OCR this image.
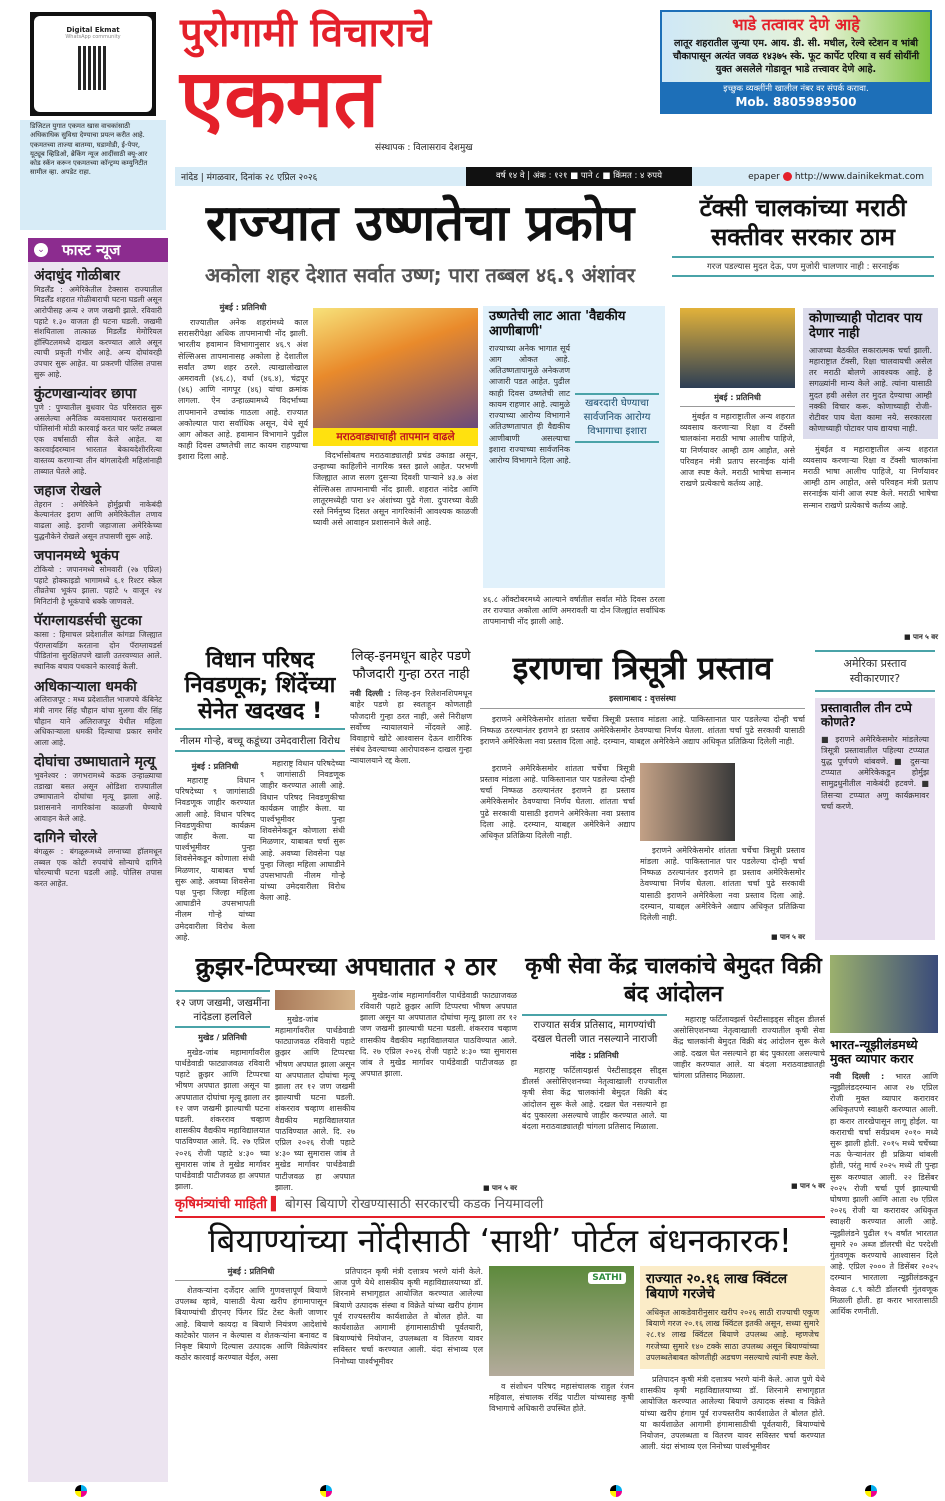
Digital Ekmat
WhatsApp community
डिजिटल युगात एकमत खास वाचकांसाठी अधिकाधिक सुविधा देण्याचा प्रयत्न करीत आहे. एकमतच्या ताज्या बातम्या, घडामोडी, ई-पेपर, यूट्यूब व्हिडिओ, ब्रेकिंग न्यूज आदींसाठी क्यू-आर कोड स्कॅन करून एकमतच्या कॉन्ट्रम्‍य कम्युनिटीत सामील व्हा. अपडेट राहा.
⌄ फास्ट न्यूज
अंदाधुंद गोळीबार
मिडलँड : अमेरिकेतील टेक्सास राज्यातील मिडलँड शहरात गोळीबाराची घटना घडली असून आरोपीसह अन्य २ जण जखमी झाले. रविवारी पहाटे १.३० वाजता ही घटना घडली. जखमी संशयिताला तात्काळ मिडलँड मेमोरियल हॉस्पिटलमध्ये दाखल करण्यात आले असून त्याची प्रकृती गंभीर आहे. अन्य दोघांवरही उपचार सुरू आहेत. या प्रकरणी पोलिस तपास सुरू आहे.
कुंटणखान्यांवर छापा
पुणे : पुण्यातील बुधवार पेठ परिसरात सुरू असलेल्या अनैतिक व्यवसायावर फरासखाना पोलिसांनी मोठी कारवाई करत चार फ्लॅट तब्बल एक वर्षासाठी सील केले आहेत. या कारवाईदरम्यान भारतात बेकायदेशीररित्या वास्तव्य करणाऱ्या तीन बांगलादेशी महिलांनाही ताब्यात घेतले आहे.
जहाज रोखले
तेहरान : अमेरिकेने होर्मुझची नाकेबंदी केल्यानंतर इराण आणि अमेरिकेतील तणाव वाढला आहे. इराणी जहाजाला अमेरिकेच्या युद्धनौकेने रोखले असून तपासणी सुरू आहे.
जपानमध्ये भूकंप
टोकियो : जपानमध्ये सोमवारी (२७ एप्रिल) पहाटे होक्काइडो भागामध्ये ६.१ रिश्टर स्केल तीव्रतेचा भूकंप झाला. पहाटे ५ वाजून २४ मिनिटांनी हे भूकंपाचे धक्के जाणवले.
पॅराग्लायडर्सची सुटका
कासा : हिमाचल प्रदेशातील कांगडा जिल्ह्यात पॅराग्लायडिंग करताना दोन पॅराग्लायडर्स पीडितांना सुरक्षितपणे खाली उतरवण्यात आले. स्थानिक बचाव पथकाने कारवाई केली.
अधिकाऱ्याला धमकी
अलिराजपूर : मध्य प्रदेशातील भाजपचे कॅबिनेट मंत्री नागर सिंह चौहान यांचा मुलगा वीर सिंह चौहान याने अलिराजपूर येथील महिला अधिकाऱ्याला धमकी दिल्याचा प्रकार समोर आला आहे.
दोघांचा उष्माघाताने मृत्यू
भुवनेश्वर : जगभरामध्ये कडक उन्हाळ्याचा तडाखा बसत असून ओडिशा राज्यातील उष्माघाताने दोघांचा मृत्यू झाला आहे. प्रशासनाने नागरिकांना काळजी घेण्याचे आवाहन केले आहे.
दागिने चोरले
बंगळूरू : बंगळूरूमध्ये लग्नाच्या हॉलमधून तब्बल एक कोटी रुपयांचे सोन्याचे दागिने चोरल्याची घटना घडली आहे. पोलिस तपास करत आहेत.
पुरोगामी विचाराचे
एकमत
संस्थापक : विलासराव देशमुख
भाडे तत्वावर देणे आहे
लातूर शहरातील जुन्या एम. आय. डी. सी. मधील, रेल्वे स्टेशन व भांबी चौकापासून अत्यंत जवळ १४३७५ स्के. फूट कार्पेट एरिया व सर्व सोयींनी युक्त असलेले गोडावून भाडे तत्त्वावर देणे आहे.
इच्छुक व्यक्तींनी खालील नंबर वर संपर्क करावा.
Mob. 8805989500
नांदेड | मंगळवार, दिनांक २८ एप्रिल २०२६	वर्ष १४ वे | अंक : १२१ ■ पाने ८ ■ किंमत : ४ रुपये	epaper http://www.dainikekmat.com
राज्यात उष्णतेचा प्रकोप
अकोला शहर देशात सर्वात उष्ण; पारा तब्बल ४६.९ अंशांवर
मुंबई : प्रतिनिधी

राज्यातील अनेक शहरांमध्ये काल सरासरीपेक्षा अधिक तापमानाची नोंद झाली. भारतीय हवामान विभागानुसार ४६.९ अंश सेल्सिअस तापमानासह अकोला हे देशातील सर्वांत उष्ण शहर ठरले. त्याखालोखाल अमरावती (४६.८), वर्धा (४६.४), चंद्रपूर (४६) आणि नागपूर (४६) यांचा क्रमांक लागला. ऐन उन्हाळ्यामध्ये विदर्भाच्या तापमानाने उच्चांक गाठला आहे. राज्यात अकोल्यात पारा सर्वाधिक असून, येथे सूर्य आग ओकत आहे. हवामान विभागाने पुढील काही दिवस उष्णतेची लाट कायम राहण्याचा इशारा दिला आहे.

मराठवाड्याचाही तापमान वाढले

विदर्भासोबतच मराठवाड्यातही प्रचंड उकाडा असून, उन्हाच्या काहिलीने नागरिक त्रस्त झाले आहेत. परभणी जिल्ह्यात आज सलग दुसऱ्या दिवशी पाऱ्याने ४३.७ अंश सेल्सिअस तापमानाची नोंद झाली. शहरात नांदेड आणि लातूरमध्येही पारा ४२ अंशांच्या पुढे गेला. दुपारच्या वेळी रस्ते निर्मनुष्य दिसत असून नागरिकांनी आवश्यक काळजी घ्यावी असे आवाहन प्रशासनाने केले आहे.

उष्णतेची लाट आता 'वैद्यकीय आणीबाणी'
खबरदारी घेण्याचा सार्वजनिक आरोग्य विभागाचा इशारा
राज्याच्या अनेक भागात सूर्य आग ओकत आहे. अतिउष्णतापामुळे अनेकजण आजारी पडत आहेत. पुढील काही दिवस उष्णतेची लाट कायम राहणार आहे. त्यामुळे राज्याच्या आरोग्य विभागाने अतिउष्णतापात ही वैद्यकीय आणीबाणी असल्याचा इशारा राज्याच्या सार्वजनिक आरोग्य विभागाने दिला आहे.
४६.८ ऑक्टोबरमध्ये आल्याने वर्षातील सर्वात मोठे दिवस ठरला तर राज्यात अकोला आणि अमरावती या दोन जिल्ह्यांत सर्वाधिक तापमानाची नोंद झाली आहे.
टॅक्सी चालकांच्या मराठी सक्तीवर सरकार ठाम
गरज पडल्यास मुदत देऊ, पण मुजोरी चालणार नाही : सरनाईक
मुंबई : प्रतिनिधी

मुंबईत व महाराष्ट्रातील अन्य शहरात व्यवसाय करणाऱ्या रिक्षा व टॅक्सी चालकांना मराठी भाषा आलीच पाहिजे, या निर्णयावर आम्ही ठाम आहोत, असे परिवहन मंत्री प्रताप सरनाईक यांनी आज स्पष्ट केले. मराठी भाषेचा सन्मान राखणे प्रत्येकाचे कर्तव्य आहे.

कोणाच्याही पोटावर पाय देणार नाही
आजच्या बैठकीत सकारात्मक चर्चा झाली. महाराष्ट्रात टॅक्सी, रिक्षा चालवायची असेल तर मराठी बोलणे आवश्यक आहे. हे सगळ्यांनी मान्य केले आहे. त्यांना यासाठी मुदत हवी असेल तर मुदत देण्याचा आम्ही नक्की विचार करू. कोणाच्याही रोजी-रोटीवर पाय येता कामा नये. सरकारला कोणाच्याही पोटावर पाय द्यायचा नाही.

मुंबईत व महाराष्ट्रातील अन्य शहरात व्यवसाय करणाऱ्या रिक्षा व टॅक्सी चालकांना मराठी भाषा आलीच पाहिजे, या निर्णयावर आम्ही ठाम आहोत, असे परिवहन मंत्री प्रताप सरनाईक यांनी आज स्पष्ट केले. मराठी भाषेचा सन्मान राखणे प्रत्येकाचे कर्तव्य आहे.

■ पान ५ वर
विधान परिषद निवडणूक; शिंदेंच्या सेनेत खदखद !
नीलम गोऱ्हे, बच्चू कडूंच्या उमेदवारीला विरोध
मुंबई : प्रतिनिधी

महाराष्ट्र विधान परिषदेच्या ९ जागांसाठी निवडणूक जाहीर करण्यात आली आहे. विधान परिषद निवडणुकीचा कार्यक्रम जाहीर केला. या पार्श्वभूमीवर पुन्हा शिवसेनेकडून कोणाला संधी मिळणार, याबाबत चर्चा सुरू आहे. अवघ्या शिवसेना पक्ष पुन्हा जिल्हा महिला आघाडीने उपसभापती नीलम गोऱ्हे यांच्या उमेदवारीला विरोध केला आहे.

महाराष्ट्र विधान परिषदेच्या ९ जागांसाठी निवडणूक जाहीर करण्यात आली आहे. विधान परिषद निवडणुकीचा कार्यक्रम जाहीर केला. या पार्श्वभूमीवर पुन्हा शिवसेनेकडून कोणाला संधी मिळणार, याबाबत चर्चा सुरू आहे. अवघ्या शिवसेना पक्ष पुन्हा जिल्हा महिला आघाडीने उपसभापती नीलम गोऱ्हे यांच्या उमेदवारीला विरोध केला आहे.

लिव्ह-इनमधून बाहेर पडणे फौजदारी गुन्हा ठरत नाही
नवी दिल्ली : लिव्ह-इन रिलेशनशिपमधून बाहेर पडणे हा स्वतःहून कोणताही फौजदारी गुन्हा ठरत नाही, असे निरीक्षण सर्वोच्च न्यायालयाने नोंदवले आहे. विवाहाचे खोटे आश्वासन देऊन शारीरिक संबंध ठेवल्याच्या आरोपावरून दाखल गुन्हा न्यायालयाने रद्द केला.
इराणचा त्रिसूत्री प्रस्ताव
इस्लामाबाद : वृत्तसंस्था

इराणने अमेरिकेसमोर शांतता चर्चेचा त्रिसूत्री प्रस्ताव मांडला आहे. पाकिस्तानात पार पडलेल्या दोन्ही चर्चा निष्फळ ठरल्यानंतर इराणने हा प्रस्ताव अमेरिकेसमोर ठेवण्याचा निर्णय घेतला. शांतता चर्चा पुढे सरकावी यासाठी इराणने अमेरिकेला नवा प्रस्ताव दिला आहे. दरम्यान, याबद्दल अमेरिकेने अद्याप अधिकृत प्रतिक्रिया दिलेली नाही.

इराणने अमेरिकेसमोर शांतता चर्चेचा त्रिसूत्री प्रस्ताव मांडला आहे. पाकिस्तानात पार पडलेल्या दोन्ही चर्चा निष्फळ ठरल्यानंतर इराणने हा प्रस्ताव अमेरिकेसमोर ठेवण्याचा निर्णय घेतला. शांतता चर्चा पुढे सरकावी यासाठी इराणने अमेरिकेला नवा प्रस्ताव दिला आहे. दरम्यान, याबद्दल अमेरिकेने अद्याप अधिकृत प्रतिक्रिया दिलेली नाही.

इराणने अमेरिकेसमोर शांतता चर्चेचा त्रिसूत्री प्रस्ताव मांडला आहे. पाकिस्तानात पार पडलेल्या दोन्ही चर्चा निष्फळ ठरल्यानंतर इराणने हा प्रस्ताव अमेरिकेसमोर ठेवण्याचा निर्णय घेतला. शांतता चर्चा पुढे सरकावी यासाठी इराणने अमेरिकेला नवा प्रस्ताव दिला आहे. दरम्यान, याबद्दल अमेरिकेने अद्याप अधिकृत प्रतिक्रिया दिलेली नाही.

■ पान ५ वर
अमेरिका प्रस्ताव स्वीकारणार?
प्रस्तावातील तीन टप्पे कोणते?
■ इराणने अमेरिकेसमोर मांडलेल्या त्रिसूत्री प्रस्तावातील पहिल्या टप्प्यात युद्ध पूर्णपणे थांबवणे. ■ दुसऱ्या टप्प्यात अमेरिकेकडून होर्मुझ सामुद्रधुनीतील नाकेबंदी हटवणे. ■ तिसऱ्या टप्प्यात अणु कार्यक्रमावर चर्चा करणे.
क्रुझर-टिप्परच्या अपघातात २ ठार
१२ जण जखमी, जखमींना नांदेडला हलविले
मुखेड / प्रतिनिधी

मुखेड-जांब महामार्गावरील पार्थडेवाडी फाट्याजवळ रविवारी पहाटे क्रुझर आणि टिप्परचा भीषण अपघात झाला असून या अपघातात दोघांचा मृत्यू झाला तर १२ जण जखमी झाल्याची घटना घडली. शंकरराव चव्हाण शासकीय वैद्यकीय महाविद्यालयात पाठविण्यात आले. दि. २७ एप्रिल २०२६ रोजी पहाटे ४:३० च्या सुमारास जांब ते मुखेड मार्गावर पार्थडेवाडी पाटीजवळ हा अपघात झाला.

मुखेड-जांब महामार्गावरील पार्थडेवाडी फाट्याजवळ रविवारी पहाटे क्रुझर आणि टिप्परचा भीषण अपघात झाला असून या अपघातात दोघांचा मृत्यू झाला तर १२ जण जखमी झाल्याची घटना घडली. शंकरराव चव्हाण शासकीय वैद्यकीय महाविद्यालयात पाठविण्यात आले. दि. २७ एप्रिल २०२६ रोजी पहाटे ४:३० च्या सुमारास जांब ते मुखेड मार्गावर पार्थडेवाडी पाटीजवळ हा अपघात झाला.

मुखेड-जांब महामार्गावरील पार्थडेवाडी फाट्याजवळ रविवारी पहाटे क्रुझर आणि टिप्परचा भीषण अपघात झाला असून या अपघातात दोघांचा मृत्यू झाला तर १२ जण जखमी झाल्याची घटना घडली. शंकरराव चव्हाण शासकीय वैद्यकीय महाविद्यालयात पाठविण्यात आले. दि. २७ एप्रिल २०२६ रोजी पहाटे ४:३० च्या सुमारास जांब ते मुखेड मार्गावर पार्थडेवाडी पाटीजवळ हा अपघात झाला.

■ पान ५ वर
कृषी सेवा केंद्र चालकांचे बेमुदत विक्री बंद आंदोलन
राज्यात सर्वत्र प्रतिसाद, मागण्यांची दखल घेतली जात नसल्याने नाराजी
नांदेड : प्रतिनिधी

महाराष्ट्र फर्टिलायझर्स पेस्टीसाइड्स सीड्स डीलर्स असोसिएशनच्या नेतृत्वाखाली राज्यातील कृषी सेवा केंद्र चालकांनी बेमुदत विक्री बंद आंदोलन सुरू केले आहे. दखल घेत नसल्याने हा बंद पुकारला असल्याचे जाहीर करण्यात आले. या बंदला मराठवाड्यातही चांगला प्रतिसाद मिळाला.

महाराष्ट्र फर्टिलायझर्स पेस्टीसाइड्स सीड्स डीलर्स असोसिएशनच्या नेतृत्वाखाली राज्यातील कृषी सेवा केंद्र चालकांनी बेमुदत विक्री बंद आंदोलन सुरू केले आहे. दखल घेत नसल्याने हा बंद पुकारला असल्याचे जाहीर करण्यात आले. या बंदला मराठवाड्यातही चांगला प्रतिसाद मिळाला.

■ पान ५ वर
भारत-न्यूझीलंडमध्ये मुक्त व्यापार करार
नवी दिल्ली : भारत आणि न्यूझीलंडदरम्यान आज २७ एप्रिल रोजी मुक्त व्यापार करारावर अधिकृतपणे स्वाक्षरी करण्यात आली. हा करार तारखेपासून लागू होईल. या कराराची चर्चा सर्वप्रथम २०१० मध्ये सुरू झाली होती. २०१५ मध्ये चर्चेच्या नऊ फेऱ्यानंतर ही प्रक्रिया थांबली होती, परंतु मार्च २०२५ मध्ये ती पुन्हा सुरू करण्यात आली. २२ डिसेंबर २०२५ रोजी चर्चा पूर्ण झाल्याची घोषणा झाली आणि आता २७ एप्रिल २०२६ रोजी या करारावर अधिकृत स्वाक्षरी करण्यात आली आहे. न्यूझीलंडने पुढील १५ वर्षांत भारतात सुमारे २० अब्ज डॉलरची थेट परदेशी गुंतवणूक करण्याचे आश्वासन दिले आहे. एप्रिल २००० ते डिसेंबर २०२५ दरम्यान भारताला न्यूझीलंडकडून केवळ ८.९ कोटी डॉलरची गुंतवणूक मिळाली होती. हा करार भारतासाठी आर्थिक रणनीती.
कृषिमंत्र्यांची माहिती ▌ बोगस बियाणे रोखण्यासाठी सरकारची कडक नियमावली
बियाण्यांच्या नोंदीसाठी ‘साथी’ पोर्टल बंधनकारक!
मुंबई : प्रतिनिधी

शेतकऱ्यांना दर्जेदार आणि गुणवत्तापूर्ण बियाणे उपलब्ध व्हावे, यासाठी येत्या खरीप हंगामापासून बियाण्यांची डीएनए फिंगर प्रिंट टेस्ट केली जाणार आहे. बियाणे कायदा व बियाणे नियंत्रण आदेशांचे काटेकोर पालन न केल्यास व शेतकऱ्यांना बनावट व निकृष्ट बियाणे दिल्यास उत्पादक आणि विक्रेत्यांवर कठोर कारवाई करण्यात येईल, असा

प्रतिपादन कृषी मंत्री दत्तात्रय भरणे यांनी केले. आज पुणे येथे शासकीय कृषी महाविद्यालयाच्या डॉ. शिरनामे सभागृहात आयोजित करण्यात आलेल्या बियाणे उत्पादक संस्था व विक्रेते यांच्या खरीप हंगाम पूर्व राज्यस्तरीय कार्यशाळेत ते बोलत होते. या कार्यशाळेत आगामी हंगामासाठीची पूर्वतयारी, बियाण्यांचे नियोजन, उपलब्धता व वितरण यावर सविस्तर चर्चा करण्यात आली. यंदा संभाव्य एल निनोच्या पार्श्वभूमीवर

SATHI

व संशोधन परिषद महासंचालक राहुल रंजन महिवाल, संचालक रविंद्र पाटील यांच्यासह कृषी विभागाचे अधिकारी उपस्थित होते.

राज्यात २०.१६ लाख क्विंटल बियाणे गरजेचे
अधिकृत आकडेवारीनुसार खरीप २०२६ साठी राज्याची एकूण बियाणे गरज २०.१६ लाख क्विंटल इतकी असून, सध्या सुमारे २८.१४ लाख क्विंटल बियाणे उपलब्ध आहे. म्हणजेच गरजेच्या सुमारे १४० टक्के साठा उपलब्ध असून बियाण्यांच्या उपलब्धतेबाबत कोणतीही अडचण नसल्याचे त्यांनी स्पष्ट केले.

प्रतिपादन कृषी मंत्री दत्तात्रय भरणे यांनी केले. आज पुणे येथे शासकीय कृषी महाविद्यालयाच्या डॉ. शिरनामे सभागृहात आयोजित करण्यात आलेल्या बियाणे उत्पादक संस्था व विक्रेते यांच्या खरीप हंगाम पूर्व राज्यस्तरीय कार्यशाळेत ते बोलत होते. या कार्यशाळेत आगामी हंगामासाठीची पूर्वतयारी, बियाण्यांचे नियोजन, उपलब्धता व वितरण यावर सविस्तर चर्चा करण्यात आली. यंदा संभाव्य एल निनोच्या पार्श्वभूमीवर
